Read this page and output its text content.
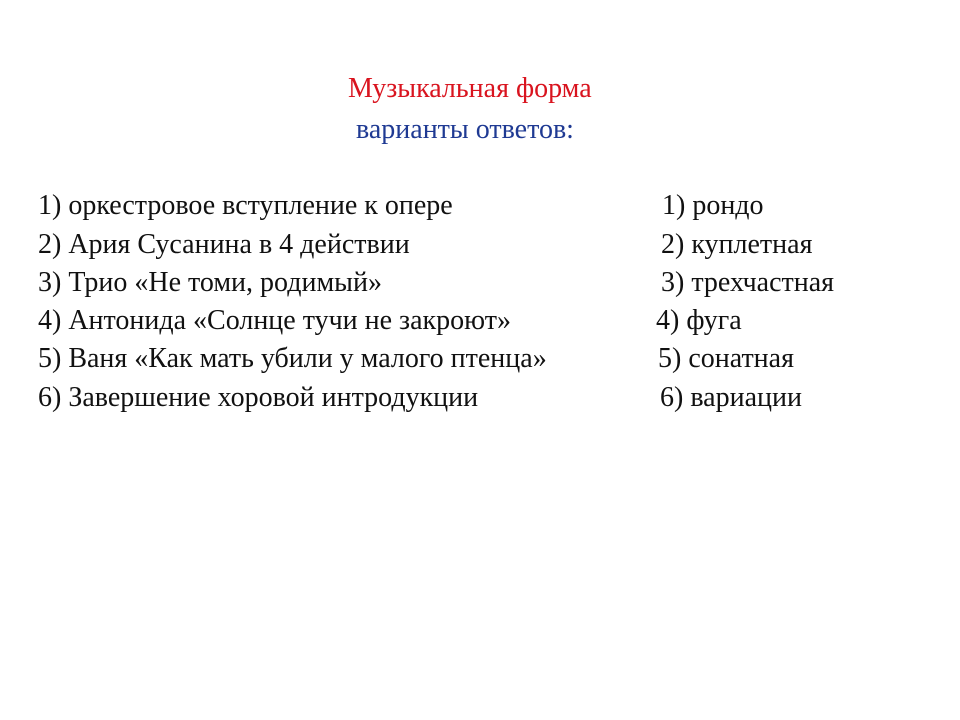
Музыкальная форма
варианты ответов:
1) оркестровое вступление к опере
2) Ария Сусанина в 4 действии
3) Трио «Не томи, родимый»
4) Антонида «Солнце тучи не закроют»
5) Ваня «Как мать убили у малого птенца»
6) Завершение хоровой интродукции
1) рондо
2) куплетная
3) трехчастная
4) фуга
5) сонатная
6) вариации
